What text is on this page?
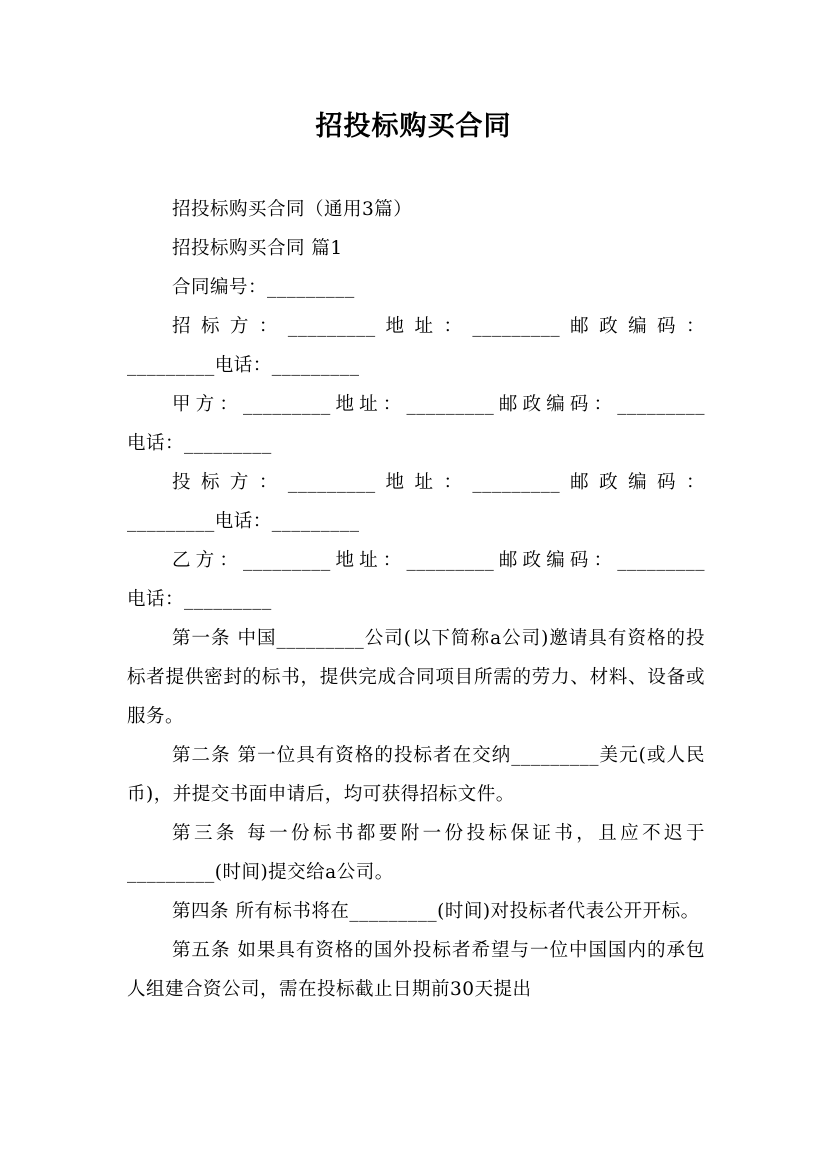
招投标购买合同
招投标购买合同（通用3篇）
招投标购买合同 篇1
合同编号：_________
招标方：_________地址：_________邮政编码：
_________电话：_________
甲方：_________地址：_________邮政编码：_________
电话：_________
投标方：_________地址：_________邮政编码：
_________电话：_________
乙方：_________地址：_________邮政编码：_________
电话：_________
第一条 中国_________公司(以下简称a公司)邀请具有资格的投标者提供密封的标书，提供完成合同项目所需的劳力、材料、设备或服务。
第二条 第一位具有资格的投标者在交纳_________美元(或人民币)，并提交书面申请后，均可获得招标文件。
第三条 每一份标书都要附一份投标保证书，且应不迟于_________(时间)提交给a公司。
第四条 所有标书将在_________(时间)对投标者代表公开开标。
第五条 如果具有资格的国外投标者希望与一位中国国内的承包人组建合资公司，需在投标截止日期前30天提出
